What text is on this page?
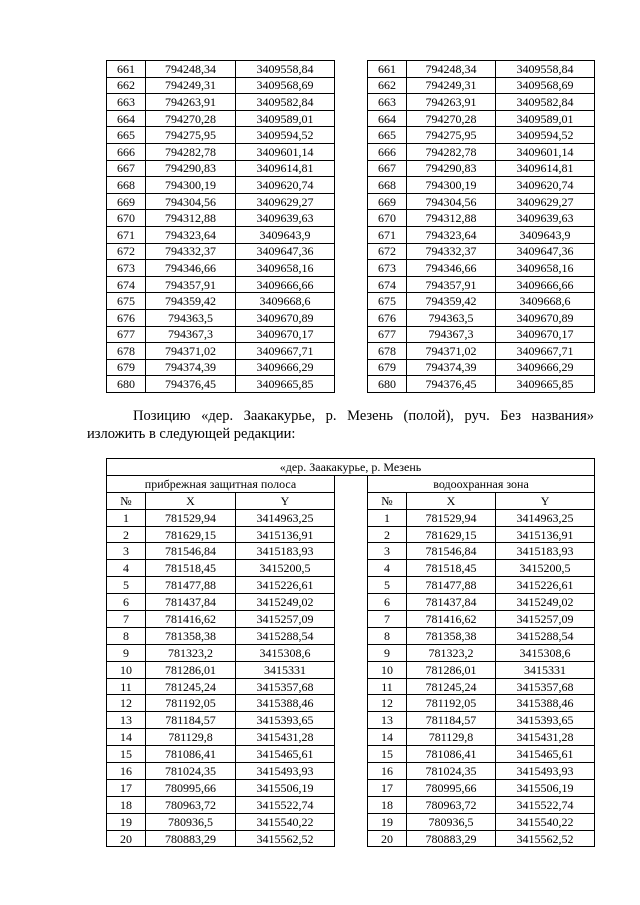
661	794248,34	3409558,84		661	794248,34	3409558,84
662	794249,31	3409568,69		662	794249,31	3409568,69
663	794263,91	3409582,84		663	794263,91	3409582,84
664	794270,28	3409589,01		664	794270,28	3409589,01
665	794275,95	3409594,52		665	794275,95	3409594,52
666	794282,78	3409601,14		666	794282,78	3409601,14
667	794290,83	3409614,81		667	794290,83	3409614,81
668	794300,19	3409620,74		668	794300,19	3409620,74
669	794304,56	3409629,27		669	794304,56	3409629,27
670	794312,88	3409639,63		670	794312,88	3409639,63
671	794323,64	3409643,9		671	794323,64	3409643,9
672	794332,37	3409647,36		672	794332,37	3409647,36
673	794346,66	3409658,16		673	794346,66	3409658,16
674	794357,91	3409666,66		674	794357,91	3409666,66
675	794359,42	3409668,6		675	794359,42	3409668,6
676	794363,5	3409670,89		676	794363,5	3409670,89
677	794367,3	3409670,17		677	794367,3	3409670,17
678	794371,02	3409667,71		678	794371,02	3409667,71
679	794374,39	3409666,29		679	794374,39	3409666,29
680	794376,45	3409665,85		680	794376,45	3409665,85
Позицию «дер. Заакакурье, р. Мезень (полой), руч. Без названия»
изложить в следующей редакции:
«дер. Заакакурье, р. Мезень						
прибрежная защитная полоса				водоохранная зона		
№	X	Y		№	X	Y
1	781529,94	3414963,25		1	781529,94	3414963,25
2	781629,15	3415136,91		2	781629,15	3415136,91
3	781546,84	3415183,93		3	781546,84	3415183,93
4	781518,45	3415200,5		4	781518,45	3415200,5
5	781477,88	3415226,61		5	781477,88	3415226,61
6	781437,84	3415249,02		6	781437,84	3415249,02
7	781416,62	3415257,09		7	781416,62	3415257,09
8	781358,38	3415288,54		8	781358,38	3415288,54
9	781323,2	3415308,6		9	781323,2	3415308,6
10	781286,01	3415331		10	781286,01	3415331
11	781245,24	3415357,68		11	781245,24	3415357,68
12	781192,05	3415388,46		12	781192,05	3415388,46
13	781184,57	3415393,65		13	781184,57	3415393,65
14	781129,8	3415431,28		14	781129,8	3415431,28
15	781086,41	3415465,61		15	781086,41	3415465,61
16	781024,35	3415493,93		16	781024,35	3415493,93
17	780995,66	3415506,19		17	780995,66	3415506,19
18	780963,72	3415522,74		18	780963,72	3415522,74
19	780936,5	3415540,22		19	780936,5	3415540,22
20	780883,29	3415562,52		20	780883,29	3415562,52
